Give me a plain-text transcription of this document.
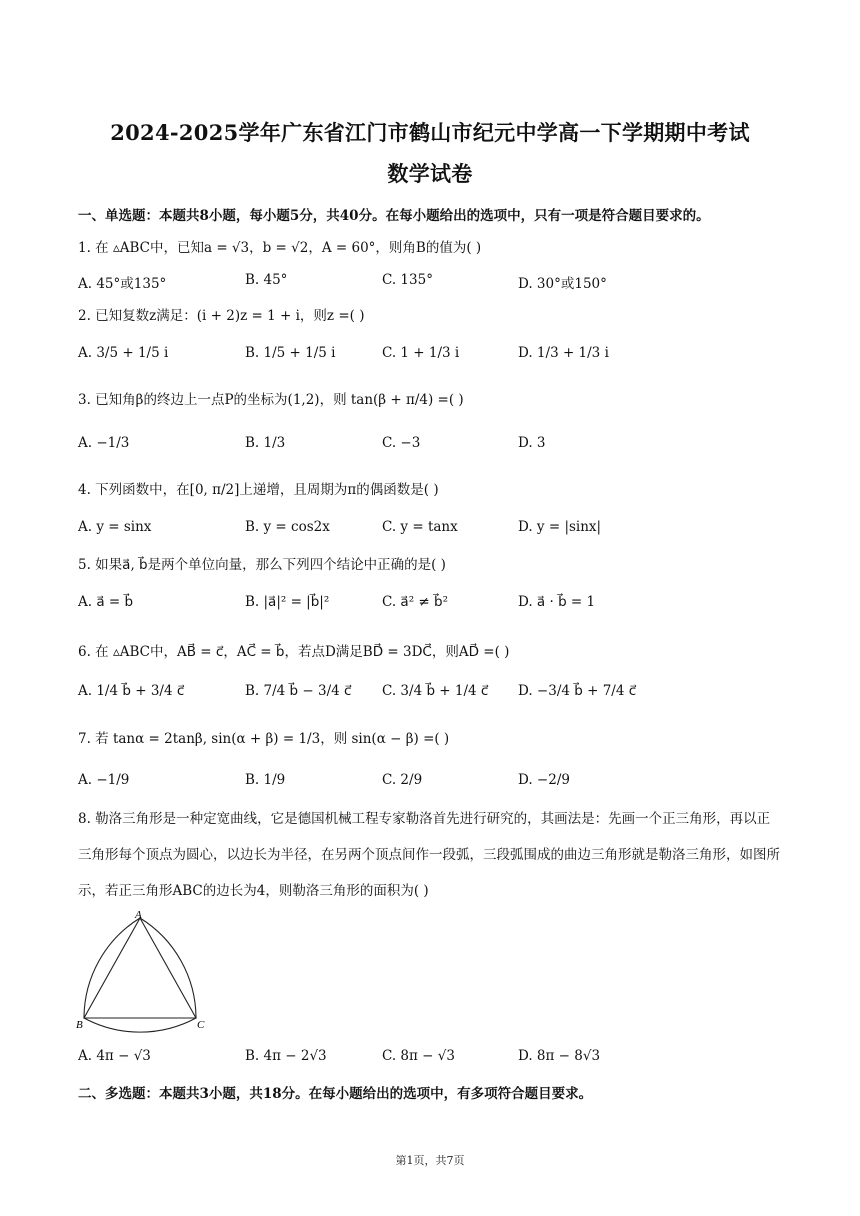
2024-2025学年广东省江门市鹤山市纪元中学高一下学期期中考试
数学试卷
一、单选题：本题共8小题，每小题5分，共40分。在每小题给出的选项中，只有一项是符合题目要求的。
1. 在 ▵ABC中，已知a = √3，b = √2，A = 60°，则角B的值为( )
A. 45°或135°	B. 45°	C. 135°	D. 30°或150°
2. 已知复数z满足：(i + 2)z = 1 + i，则z =( )
A. 3/5 + 1/5 i	B. 1/5 + 1/5 i	C. 1 + 1/3 i	D. 1/3 + 1/3 i
3. 已知角β的终边上一点P的坐标为(1,2)，则 tan(β + π/4) =( )
A. −1/3	B. 1/3	C. −3	D. 3
4. 下列函数中，在[0, π/2]上递增，且周期为π的偶函数是( )
A. y = sinx	B. y = cos2x	C. y = tanx	D. y = |sinx|
5. 如果a⃗, b⃗是两个单位向量，那么下列四个结论中正确的是( )
A. a⃗ = b⃗	B. |a⃗|² = |b⃗|²	C. a⃗² ≠ b⃗²	D. a⃗ · b⃗ = 1
6. 在 ▵ABC中，AB⃗ = c⃗，AC⃗ = b⃗，若点D满足BD⃗ = 3DC⃗，则AD⃗ =( )
A. 1/4 b⃗ + 3/4 c⃗	B. 7/4 b⃗ − 3/4 c⃗ C. 3/4 b⃗ + 1/4 c⃗ D. −3/4 b⃗ + 7/4 c⃗
7. 若 tanα = 2tanβ, sin(α + β) = 1/3，则 sin(α − β) =( )
A. −1/9	B. 1/9	C. 2/9	D. −2/9
8. 勒洛三角形是一种定宽曲线，它是德国机械工程专家勒洛首先进行研究的，其画法是：先画一个正三角形，再以正三角形每个顶点为圆心，以边长为半径，在另两个顶点间作一段弧，三段弧围成的曲边三角形就是勒洛三角形，如图所示，若正三角形ABC的边长为4，则勒洛三角形的面积为( )
A
B	C
A. 4π − √3	B. 4π − 2√3	C. 8π − √3	D. 8π − 8√3
二、多选题：本题共3小题，共18分。在每小题给出的选项中，有多项符合题目要求。
第1页，共7页
